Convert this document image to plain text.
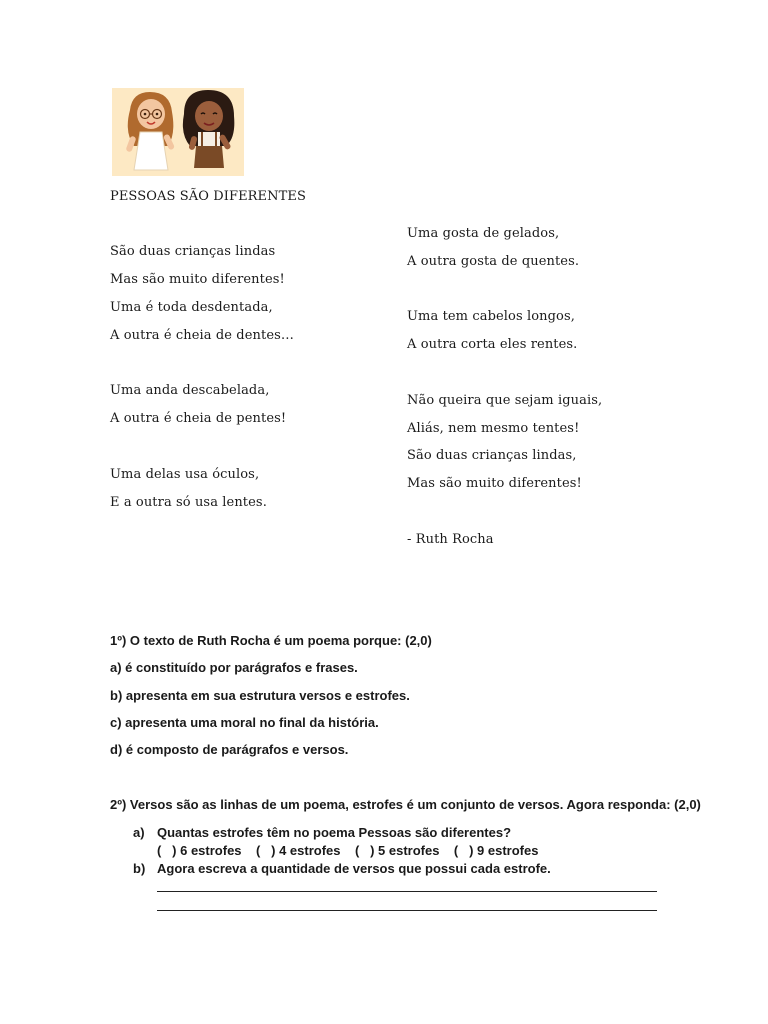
PESSOAS SÃO DIFERENTES
São duas crianças lindas
Mas são muito diferentes!
Uma é toda desdentada,
A outra é cheia de dentes…
Uma anda descabelada,
A outra é cheia de pentes!
Uma delas usa óculos,
E a outra só usa lentes.
Uma gosta de gelados,
A outra gosta de quentes.
Uma tem cabelos longos,
A outra corta eles rentes.
Não queira que sejam iguais,
Aliás, nem mesmo tentes!
São duas crianças lindas,
Mas são muito diferentes!
- Ruth Rocha
1º) O texto de Ruth Rocha é um poema porque: (2,0)
a) é constituído por parágrafos e frases.
b) apresenta em sua estrutura versos e estrofes.
c) apresenta uma moral no final da história.
d) é composto de parágrafos e versos.
2º) Versos são as linhas de um poema, estrofes é um conjunto de versos. Agora responda: (2,0)
a) Quantas estrofes têm no poema Pessoas são diferentes?
(   ) 6 estrofes    (   ) 4 estrofes    (   ) 5 estrofes    (   ) 9 estrofes
b) Agora escreva a quantidade de versos que possui cada estrofe.
